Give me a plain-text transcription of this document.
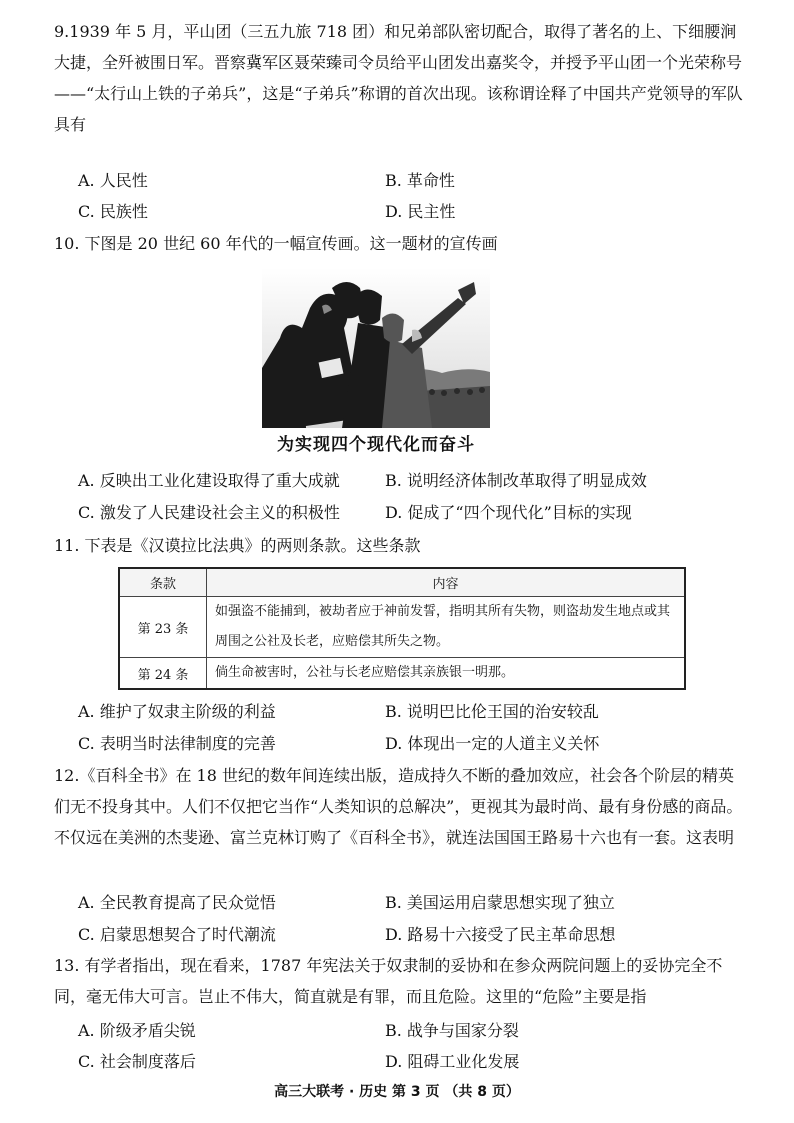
9.1939 年 5 月，平山团（三五九旅 718 团）和兄弟部队密切配合，取得了著名的上、下细腰涧大捷，全歼被围日军。晋察冀军区聂荣臻司令员给平山团发出嘉奖令，并授予平山团一个光荣称号——“太行山上铁的子弟兵”，这是“子弟兵”称谓的首次出现。该称谓诠释了中国共产党领导的军队具有
A. 人民性	B. 革命性
C. 民族性	D. 民主性
10. 下图是 20 世纪 60 年代的一幅宣传画。这一题材的宣传画
为实现四个现代化而奋斗
A. 反映出工业化建设取得了重大成就	B. 说明经济体制改革取得了明显成效
C. 激发了人民建设社会主义的积极性	D. 促成了“四个现代化”目标的实现
11. 下表是《汉谟拉比法典》的两则条款。这些条款
条款	内容
第 23 条	如强盗不能捕到，被劫者应于神前发誓，指明其所有失物，则盗劫发生地点或其周围之公社及长老，应赔偿其所失之物。
第 24 条	倘生命被害时，公社与长老应赔偿其亲族银一明那。
A. 维护了奴隶主阶级的利益	B. 说明巴比伦王国的治安较乱
C. 表明当时法律制度的完善	D. 体现出一定的人道主义关怀
12.《百科全书》在 18 世纪的数年间连续出版，造成持久不断的叠加效应，社会各个阶层的精英们无不投身其中。人们不仅把它当作“人类知识的总解决”，更视其为最时尚、最有身份感的商品。不仅远在美洲的杰斐逊、富兰克林订购了《百科全书》，就连法国国王路易十六也有一套。这表明
A. 全民教育提高了民众觉悟	B. 美国运用启蒙思想实现了独立
C. 启蒙思想契合了时代潮流	D. 路易十六接受了民主革命思想
13. 有学者指出，现在看来，1787 年宪法关于奴隶制的妥协和在参众两院问题上的妥协完全不同，毫无伟大可言。岂止不伟大，简直就是有罪，而且危险。这里的“危险”主要是指
A. 阶级矛盾尖锐	B. 战争与国家分裂
C. 社会制度落后	D. 阻碍工业化发展
高三大联考 · 历史 第 3 页 （共 8 页）
